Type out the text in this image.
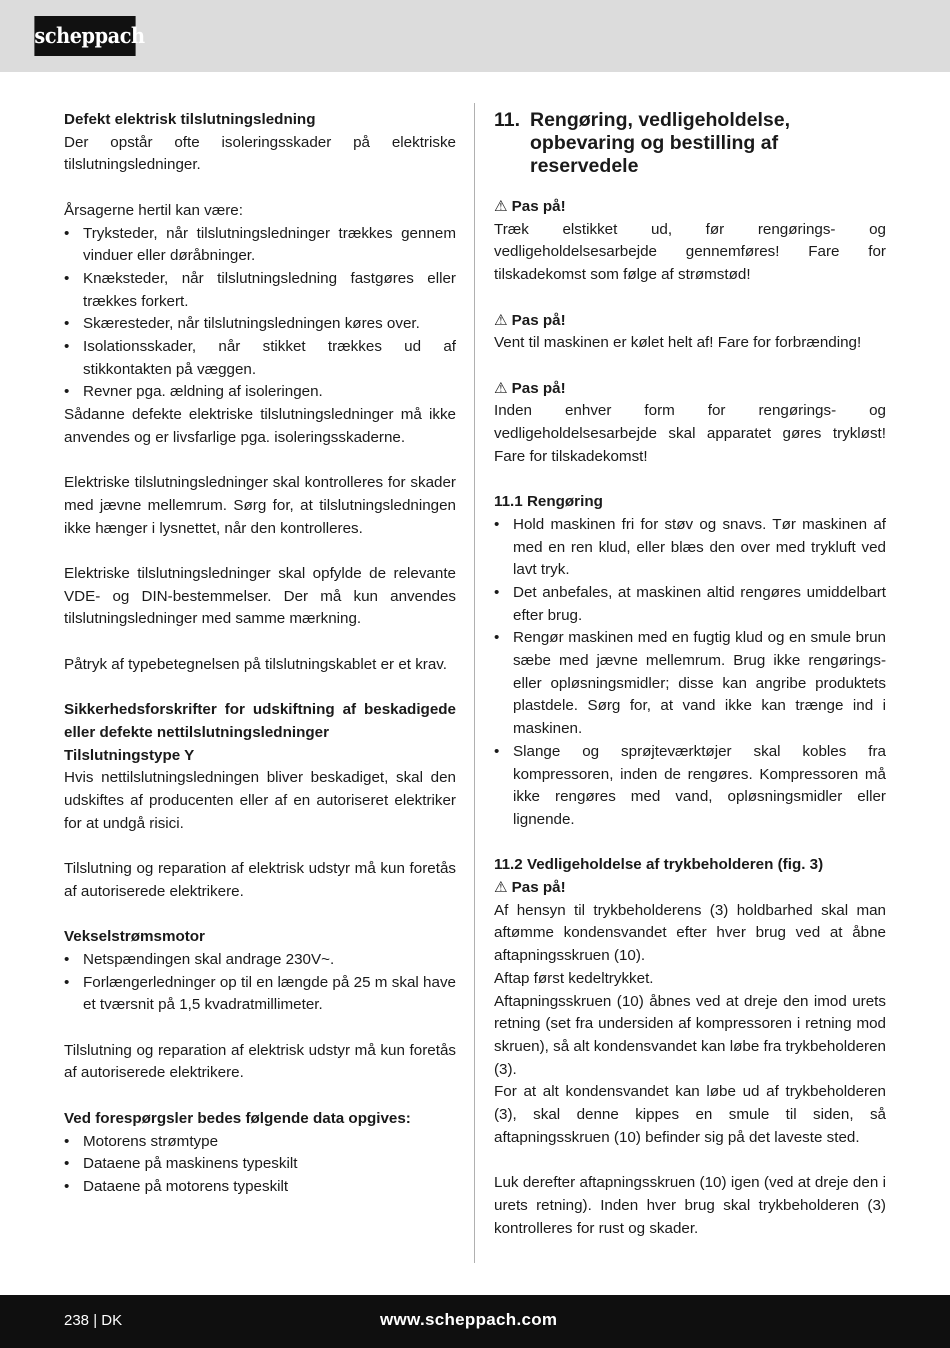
scheppach

Defekt elektrisk tilslutningsledning

Der opstår ofte isoleringsskader på elektriske tilslutningsledninger.

Årsagerne hertil kan være:

• Tryksteder, når tilslutningsledninger trækkes gennem vinduer eller døråbninger.
• Knæksteder, når tilslutningsledning fastgøres eller trækkes forkert.
• Skæresteder, når tilslutningsledningen køres over.
• Isolationsskader, når stikket trækkes ud af stikkontakten på væggen.
• Revner pga. ældning af isoleringen.

Sådanne defekte elektriske tilslutningsledninger må ikke anvendes og er livsfarlige pga. isoleringsskaderne.

Elektriske tilslutningsledninger skal kontrolleres for skader med jævne mellemrum. Sørg for, at tilslutningsledningen ikke hænger i lysnettet, når den kontrolleres.

Elektriske tilslutningsledninger skal opfylde de relevante VDE- og DIN-bestemmelser. Der må kun anvendes tilslutningsledninger med samme mærkning.

Påtryk af typebetegnelsen på tilslutningskablet er et krav.

Sikkerhedsforskrifter for udskiftning af beskadigede eller defekte nettilslutningsledninger

Tilslutningstype Y

Hvis nettilslutningsledningen bliver beskadiget, skal den udskiftes af producenten eller af en autoriseret elektriker for at undgå risici.

Tilslutning og reparation af elektrisk udstyr må kun foretås af autoriserede elektrikere.

Vekselstrømsmotor

• Netspændingen skal andrage 230V~.
• Forlængerledninger op til en længde på 25 m skal have et tværsnit på 1,5 kvadratmillimeter.

Tilslutning og reparation af elektrisk udstyr må kun foretås af autoriserede elektrikere.

Ved forespørgsler bedes følgende data opgives:

• Motorens strømtype
• Dataene på maskinens typeskilt
• Dataene på motorens typeskilt
11. Rengøring, vedligeholdelse, opbevaring og bestilling af reservedele

⚠ Pas på!

Træk elstikket ud, før rengørings- og vedligeholdelsesarbejde gennemføres! Fare for tilskadekomst som følge af strømstød!

⚠ Pas på!

Vent til maskinen er kølet helt af! Fare for forbrænding!

⚠ Pas på!

Inden enhver form for rengørings- og vedligeholdelsesarbejde skal apparatet gøres trykløst! Fare for tilskadekomst!

11.1 Rengøring

• Hold maskinen fri for støv og snavs. Tør maskinen af med en ren klud, eller blæs den over med trykluft ved lavt tryk.
• Det anbefales, at maskinen altid rengøres umiddelbart efter brug.
• Rengør maskinen med en fugtig klud og en smule brun sæbe med jævne mellemrum. Brug ikke rengørings- eller opløsningsmidler; disse kan angribe produktets plastdele. Sørg for, at vand ikke kan trænge ind i maskinen.
• Slange og sprøjteværktøjer skal kobles fra kompressoren, inden de rengøres. Kompressoren må ikke rengøres med vand, opløsningsmidler eller lignende.

11.2 Vedligeholdelse af trykbeholderen (fig. 3)

⚠ Pas på!

Af hensyn til trykbeholderens (3) holdbarhed skal man aftømme kondensvandet efter hver brug ved at åbne aftapningsskruen (10).

Aftap først kedeltrykket.

Aftapningsskruen (10) åbnes ved at dreje den imod urets retning (set fra undersiden af kompressoren i retning mod skruen), så alt kondensvandet kan løbe fra trykbeholderen (3).

For at alt kondensvandet kan løbe ud af trykbeholderen (3), skal denne kippes en smule til siden, så aftapningsskruen (10) befinder sig på det laveste sted.

Luk derefter aftapningsskruen (10) igen (ved at dreje den i urets retning). Inden hver brug skal trykbeholderen (3) kontrolleres for rust og skader.

238 | DK	www.scheppach.com
